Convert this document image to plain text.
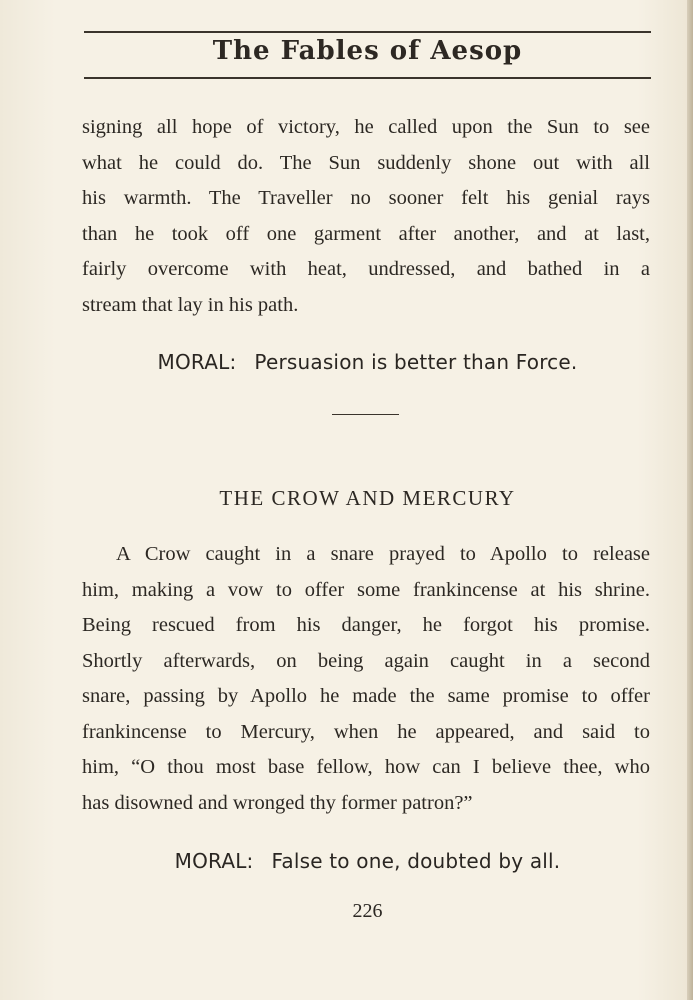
The Fables of Aesop
signing all hope of victory, he called upon the Sun to see
what he could do. The Sun suddenly shone out with all
his warmth. The Traveller no sooner felt his genial rays
than he took off one garment after another, and at last,
fairly overcome with heat, undressed, and bathed in a
stream that lay in his path.
MORAL: Persuasion is better than Force.
THE CROW AND MERCURY
A Crow caught in a snare prayed to Apollo to release
him, making a vow to offer some frankincense at his shrine.
Being rescued from his danger, he forgot his promise.
Shortly afterwards, on being again caught in a second
snare, passing by Apollo he made the same promise to offer
frankincense to Mercury, when he appeared, and said to
him, “O thou most base fellow, how can I believe thee, who
has disowned and wronged thy former patron?”
MORAL: False to one, doubted by all.
226
